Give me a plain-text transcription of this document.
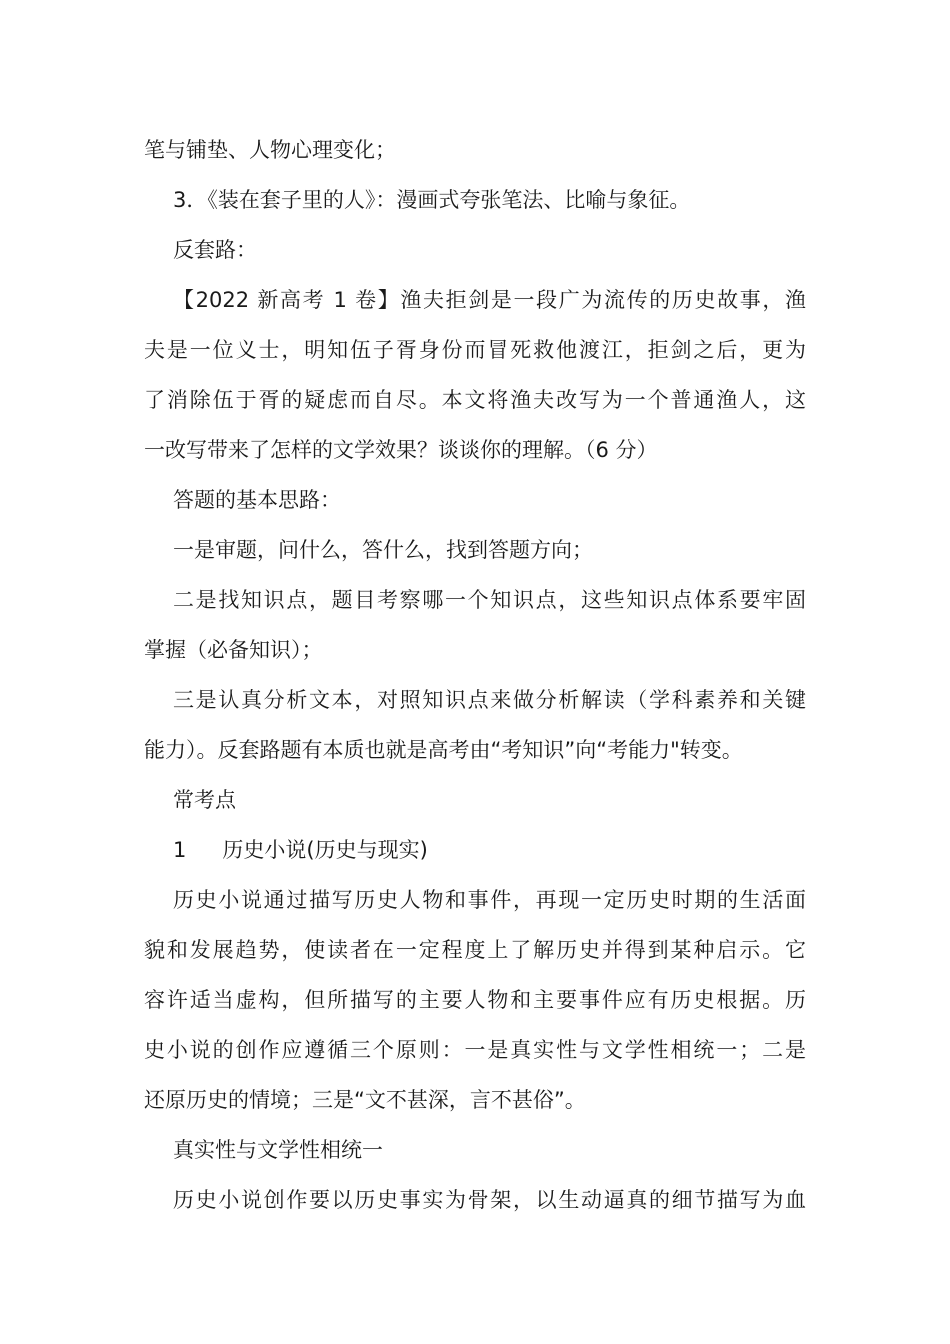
笔与铺垫、人物心理变化；
3．《装在套子里的人》：漫画式夸张笔法、比喻与象征。
反套路：
【2022 新高考 1 卷】渔夫拒剑是一段广为流传的历史故事，渔
夫是一位义士，明知伍子胥身份而冒死救他渡江，拒剑之后，更为
了消除伍于胥的疑虑而自尽。本文将渔夫改写为一个普通渔人，这
一改写带来了怎样的文学效果？谈谈你的理解。（6 分）
答题的基本思路：
一是审题，问什么，答什么，找到答题方向；
二是找知识点，题目考察哪一个知识点，这些知识点体系要牢固
掌握（必备知识）；
三是认真分析文本，对照知识点来做分析解读（学科素养和关键
能力）。反套路题有本质也就是高考由“考知识”向“考能力"转变。
常考点
1 历史小说(历史与现实)
历史小说通过描写历史人物和事件，再现一定历史时期的生活面
貌和发展趋势，使读者在一定程度上了解历史并得到某种启示。它
容许适当虚构，但所描写的主要人物和主要事件应有历史根据。历
史小说的创作应遵循三个原则：一是真实性与文学性相统一；二是
还原历史的情境；三是“文不甚深，言不甚俗”。
真实性与文学性相统一
历史小说创作要以历史事实为骨架，以生动逼真的细节描写为血
